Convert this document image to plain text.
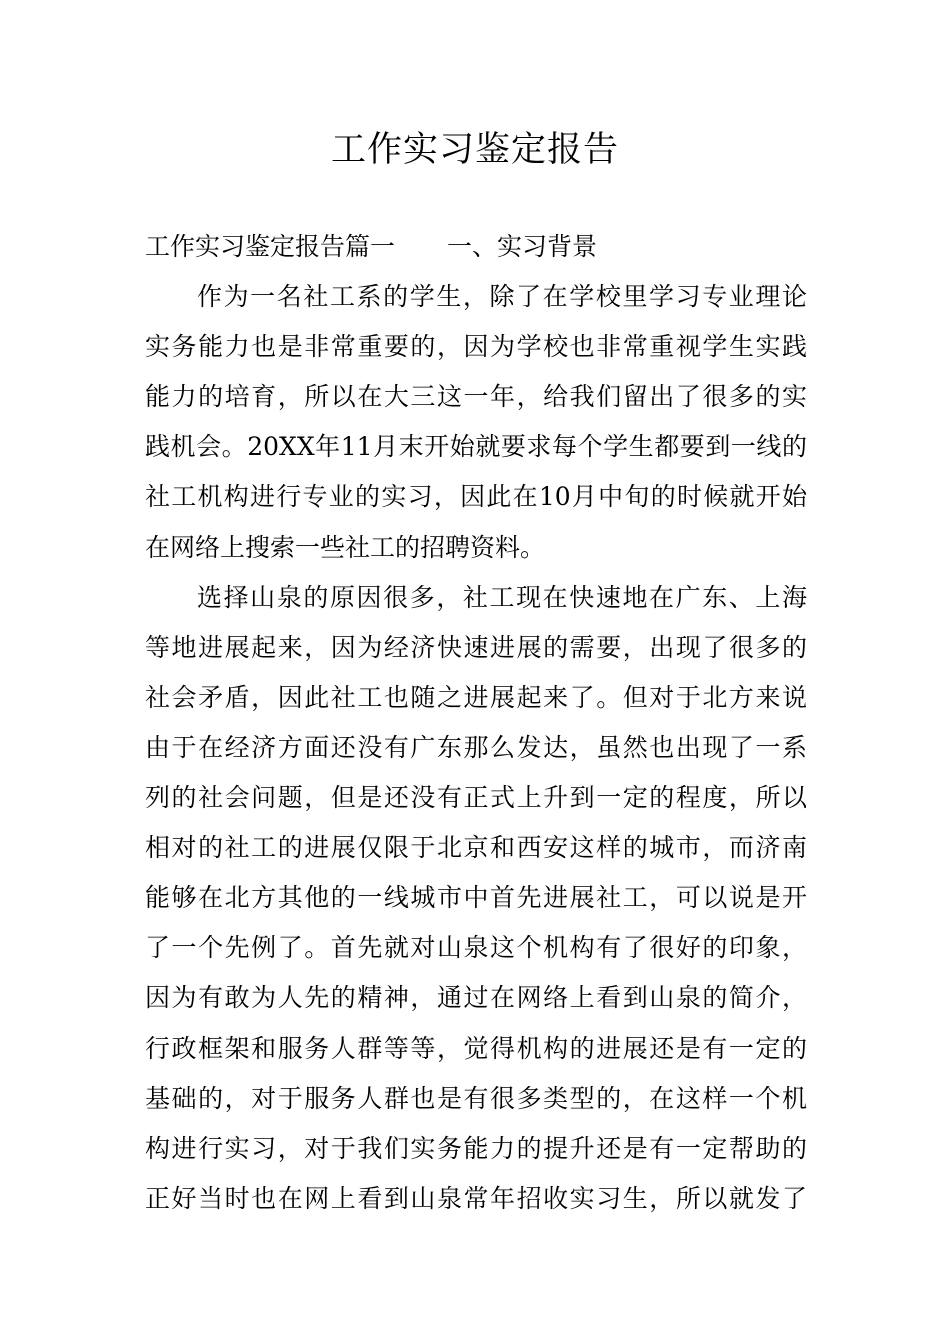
工作实习鉴定报告
工作实习鉴定报告篇一 一、实习背景
作为一名社工系的学生，除了在学校里学习专业理论
实务能力也是非常重要的，因为学校也非常重视学生实践
能力的培育，所以在大三这一年，给我们留出了很多的实
践机会。20XX年11月末开始就要求每个学生都要到一线的
社工机构进行专业的实习，因此在10月中旬的时候就开始
在网络上搜索一些社工的招聘资料。
选择山泉的原因很多，社工现在快速地在广东、上海
等地进展起来，因为经济快速进展的需要，出现了很多的
社会矛盾，因此社工也随之进展起来了。但对于北方来说
由于在经济方面还没有广东那么发达，虽然也出现了一系
列的社会问题，但是还没有正式上升到一定的程度，所以
相对的社工的进展仅限于北京和西安这样的城市，而济南
能够在北方其他的一线城市中首先进展社工，可以说是开
了一个先例了。首先就对山泉这个机构有了很好的印象，
因为有敢为人先的精神，通过在网络上看到山泉的简介，
行政框架和服务人群等等，觉得机构的进展还是有一定的
基础的，对于服务人群也是有很多类型的，在这样一个机
构进行实习，对于我们实务能力的提升还是有一定帮助的
正好当时也在网上看到山泉常年招收实习生，所以就发了
